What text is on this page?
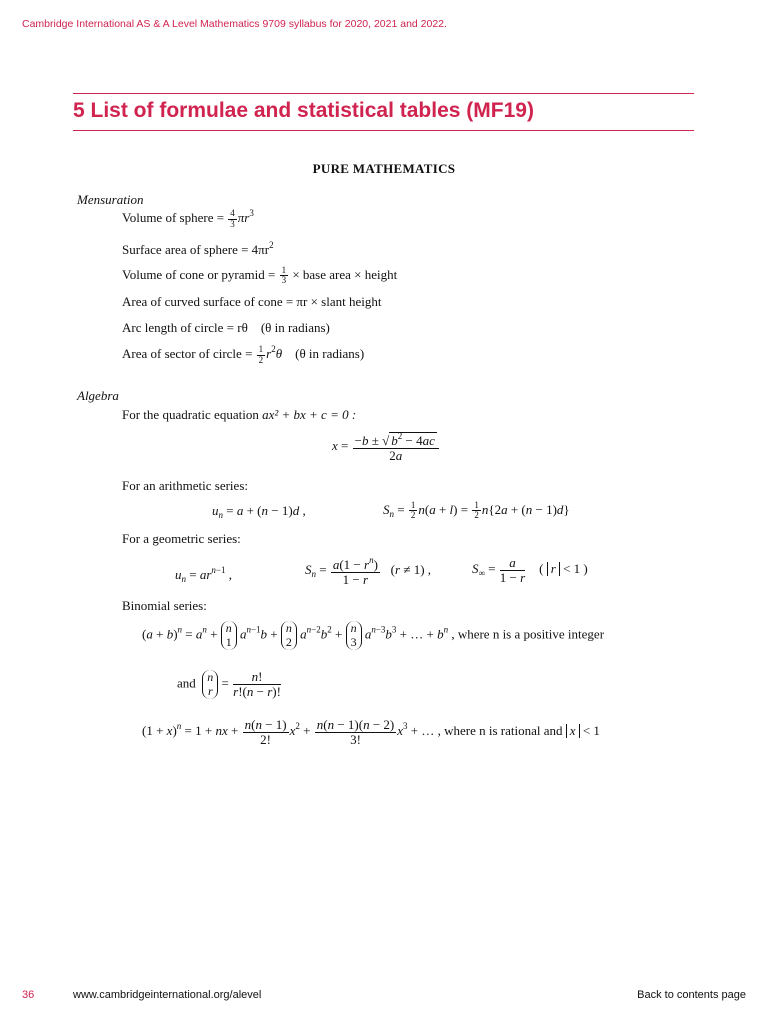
Cambridge International AS & A Level Mathematics 9709 syllabus for 2020, 2021 and 2022.
5 List of formulae and statistical tables (MF19)
PURE MATHEMATICS
Mensuration
Volume of sphere = $\frac{4}{3} \pi r^3$
Surface area of sphere = $4\pi r^2$
Volume of cone or pyramid = $\frac{1}{3}$ × base area × height
Area of curved surface of cone = πr × slant height
Arc length of circle = rθ (θ in radians)
Area of sector of circle = $\frac{1}{2} r^2\theta$ (θ in radians)
Algebra
For the quadratic equation ax² + bx + c = 0 :
$x = \frac{-b \pm √ b^2 - 4ac}{2a}$
For an arithmetic series:
$u_n = a + (n - 1)d$ ,	$S_n = \frac{1}{2} n(a + l) = \frac{1}{2} n\{2a + (n - 1)d\}$
For a geometric series:
$u_n = ar^{n-1}$ ,	$S_n = \frac{a(1 - r^n)}{1 - r} (r \ne 1)$ ,	$S_\infty = \frac{a}{1 - r}$ ( r < 1 )
Binomial series:
$(a + b)^n = a^n + n$
1
$a^{n-1}b + n$
2
$a^{n-2}b^2 + n$
3
$a^{n-3}b^3$ + … + $b^n$ , where n is a positive integer
and n
r
= $\frac{n!}{r!(n - r)!}$
$(1 + x)^n = 1$ + nx + $\frac{n(n - 1)}{2!} x^2 + \frac{n(n - 1)(n - 2)}{3!} x^3$ + … , where n is rational and x < 1
36	www.cambridgeinternational.org/alevel	Back to contents page
